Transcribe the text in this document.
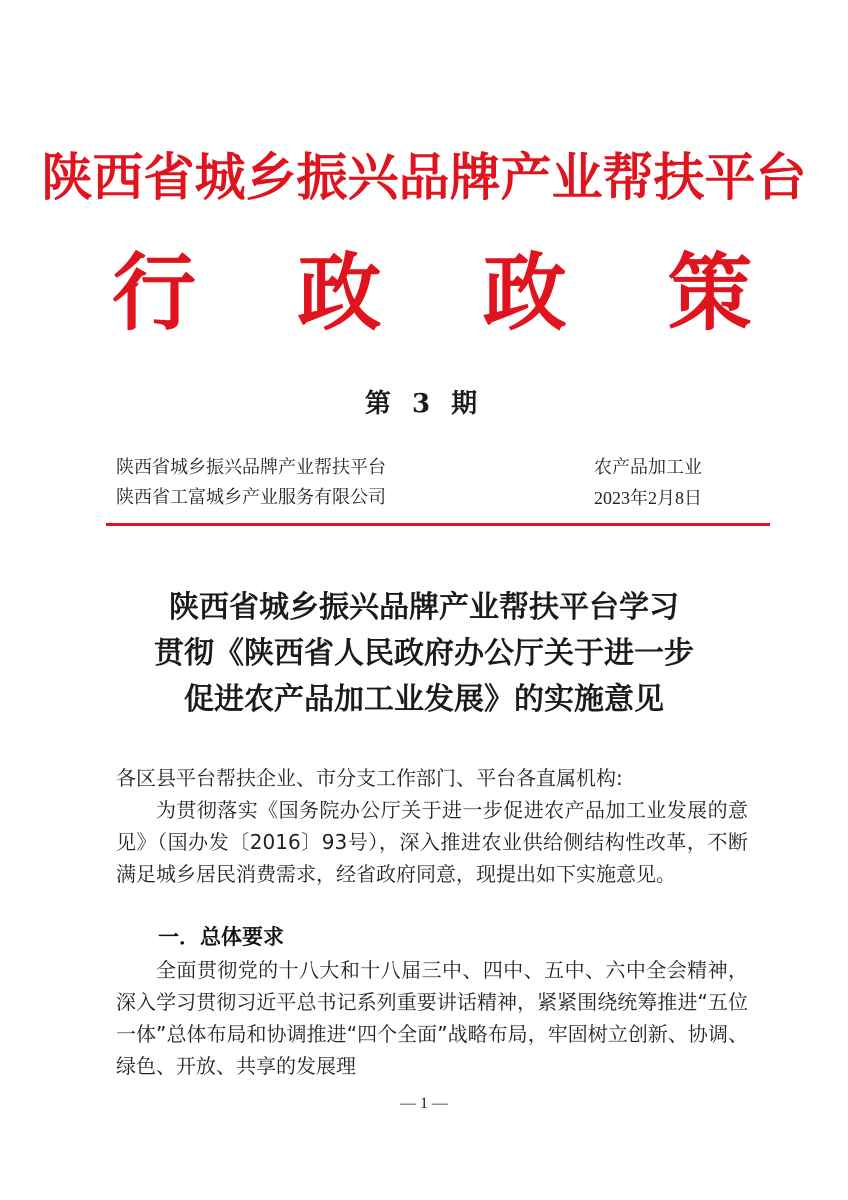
陕西省城乡振兴品牌产业帮扶平台
行 政 政 策
第 3 期
陕西省城乡振兴品牌产业帮扶平台	农产品加工业
陕西省工富城乡产业服务有限公司	2023年2月8日
陕西省城乡振兴品牌产业帮扶平台学习
贯彻《陕西省人民政府办公厅关于进一步
促进农产品加工业发展》的实施意见

各区县平台帮扶企业、市分支工作部门、平台各直属机构:

为贯彻落实《国务院办公厅关于进一步促进农产品加工业发展的意见》（国办发〔2016〕93号），深入推进农业供给侧结构性改革，不断满足城乡居民消费需求，经省政府同意，现提出如下实施意见。

一．总体要求

全面贯彻党的十八大和十八届三中、四中、五中、六中全会精神，深入学习贯彻习近平总书记系列重要讲话精神，紧紧围绕统筹推进“五位一体”总体布局和协调推进“四个全面”战略布局，牢固树立创新、协调、绿色、开放、共享的发展理

— 1 —
